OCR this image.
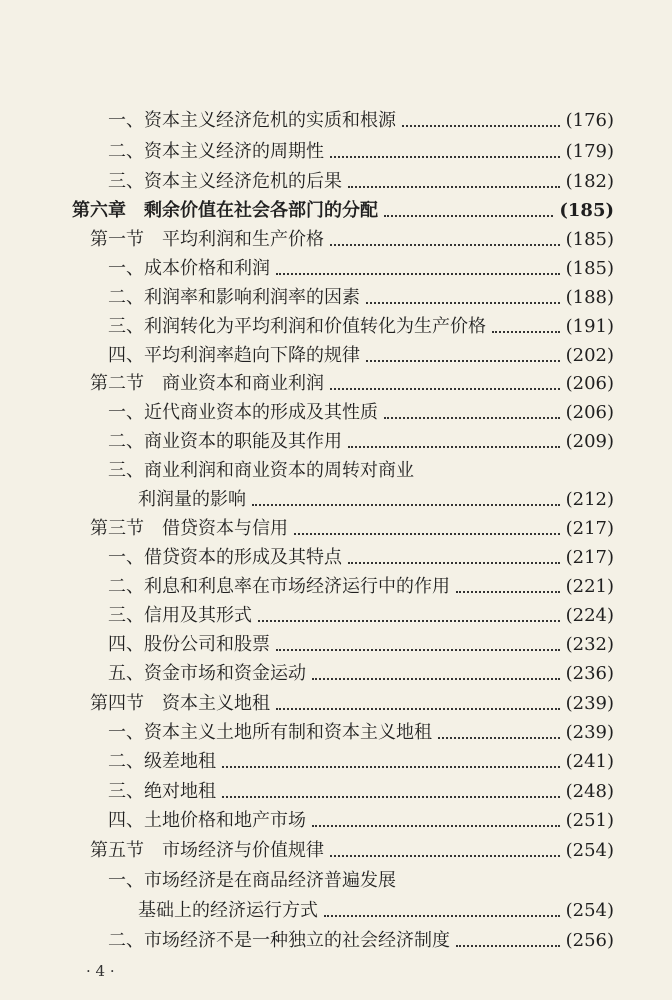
一、资本主义经济危机的实质和根源	(176)
二、资本主义经济的周期性	(179)
三、资本主义经济危机的后果	(182)
第六章　剩余价值在社会各部门的分配	(185)
第一节　平均利润和生产价格	(185)
一、成本价格和利润	(185)
二、利润率和影响利润率的因素	(188)
三、利润转化为平均利润和价值转化为生产价格	(191)
四、平均利润率趋向下降的规律	(202)
第二节　商业资本和商业利润	(206)
一、近代商业资本的形成及其性质	(206)
二、商业资本的职能及其作用	(209)
三、商业利润和商业资本的周转对商业
利润量的影响	(212)
第三节　借贷资本与信用	(217)
一、借贷资本的形成及其特点	(217)
二、利息和利息率在市场经济运行中的作用	(221)
三、信用及其形式	(224)
四、股份公司和股票	(232)
五、资金市场和资金运动	(236)
第四节　资本主义地租	(239)
一、资本主义土地所有制和资本主义地租	(239)
二、级差地租	(241)
三、绝对地租	(248)
四、土地价格和地产市场	(251)
第五节　市场经济与价值规律	(254)
一、市场经济是在商品经济普遍发展
基础上的经济运行方式	(254)
二、市场经济不是一种独立的社会经济制度	(256)
· 4 ·
